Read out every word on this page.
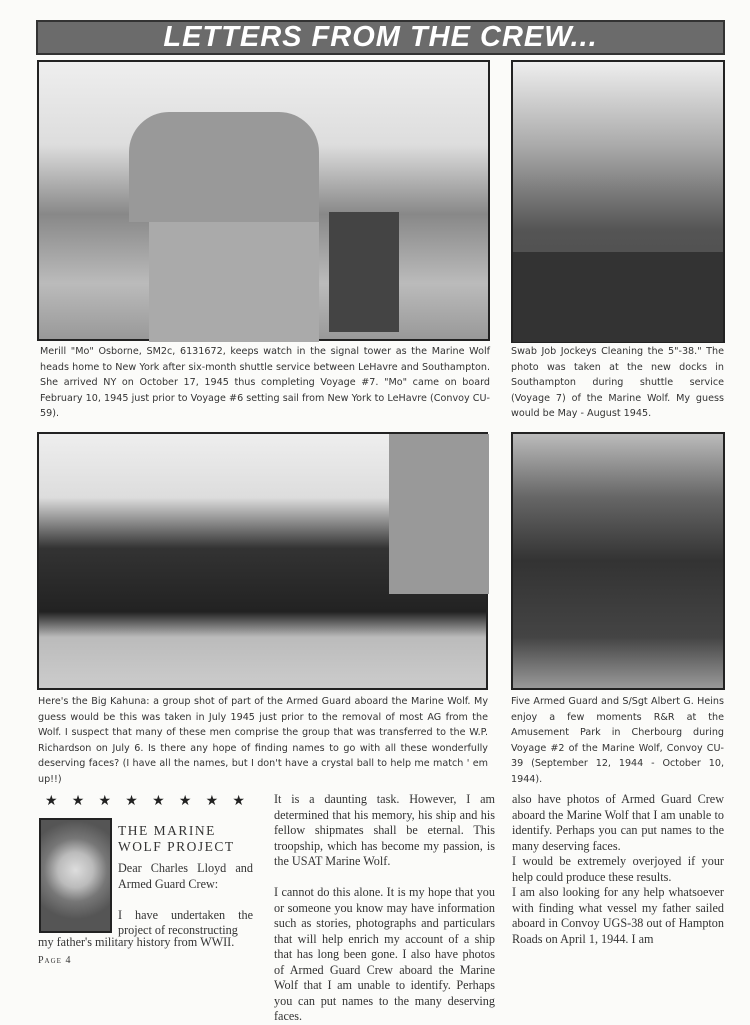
LETTERS FROM THE CREW...
Merill "Mo" Osborne, SM2c, 6131672, keeps watch in the signal tower as the Marine Wolf heads home to New York after six-month shuttle service between LeHavre and Southampton. She arrived NY on October 17, 1945 thus completing Voyage #7. "Mo" came on board February 10, 1945 just prior to Voyage #6 setting sail from New York to LeHavre (Convoy CU-59).
Swab Job Jockeys Cleaning the 5"-38." The photo was taken at the new docks in Southampton during shuttle service (Voyage 7) of the Marine Wolf. My guess would be May - August 1945.
Here's the Big Kahuna: a group shot of part of the Armed Guard aboard the Marine Wolf. My guess would be this was taken in July 1945 just prior to the removal of most AG from the Wolf. I suspect that many of these men comprise the group that was transferred to the W.P. Richardson on July 6. Is there any hope of finding names to go with all these wonderfully deserving faces? (I have all the names, but I don't have a crystal ball to help me match ' em up!!)
Five Armed Guard and S/Sgt Albert G. Heins enjoy a few moments R&R at the Amusement Park in Cherbourg during Voyage #2 of the Marine Wolf, Convoy CU-39 (September 12, 1944 - October 10, 1944).
★ ★ ★ ★ ★ ★ ★ ★
THE MARINE
WOLF PROJECT

Dear Charles Lloyd and Armed Guard Crew:

I have undertaken the project of reconstructing

my father's military history from WWII.

It is a daunting task. However, I am determined that his memory, his ship and his fellow shipmates shall be eternal. This troopship, which has become my passion, is the USAT Marine Wolf.

I cannot do this alone. It is my hope that you or someone you know may have information such as stories, photographs and particulars that will help enrich my account of a ship that has long been gone. I also have photos of Armed Guard Crew aboard the Marine Wolf that I am unable to identify. Perhaps you can put names to the many deserving faces.

also have photos of Armed Guard Crew aboard the Marine Wolf that I am unable to identify. Perhaps you can put names to the many deserving faces.
I would be extremely overjoyed if your help could produce these results.

I am also looking for any help whatsoever with finding what vessel my father sailed aboard in Convoy UGS-38 out of Hampton Roads on April 1, 1944. I am

Page 4
